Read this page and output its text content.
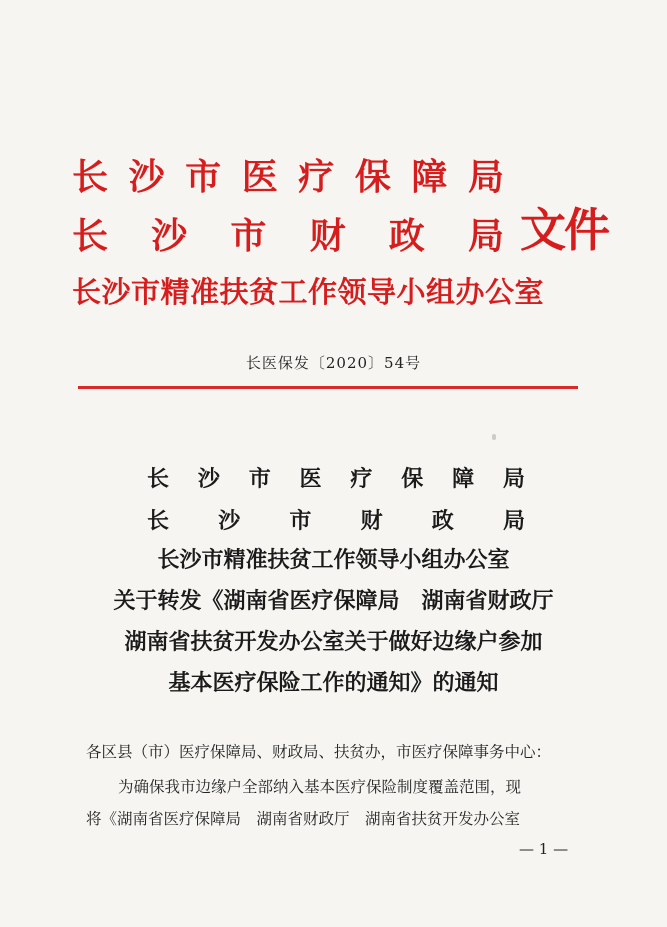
长 沙 市 医 疗 保 障 局
长 沙 市 财 政 局
长沙市精准扶贫工作领导小组办公室
文件
长医保发〔2020〕54号
长 沙 市 医 疗 保 障 局
长 沙 市 财 政 局
长沙市精准扶贫工作领导小组办公室
关于转发《湖南省医疗保障局　湖南省财政厅
湖南省扶贫开发办公室关于做好边缘户参加
基本医疗保险工作的通知》的通知
各区县（市）医疗保障局、财政局、扶贫办，市医疗保障事务中心：
为确保我市边缘户全部纳入基本医疗保险制度覆盖范围，现
将《湖南省医疗保障局　湖南省财政厅　湖南省扶贫开发办公室
— 1 —
